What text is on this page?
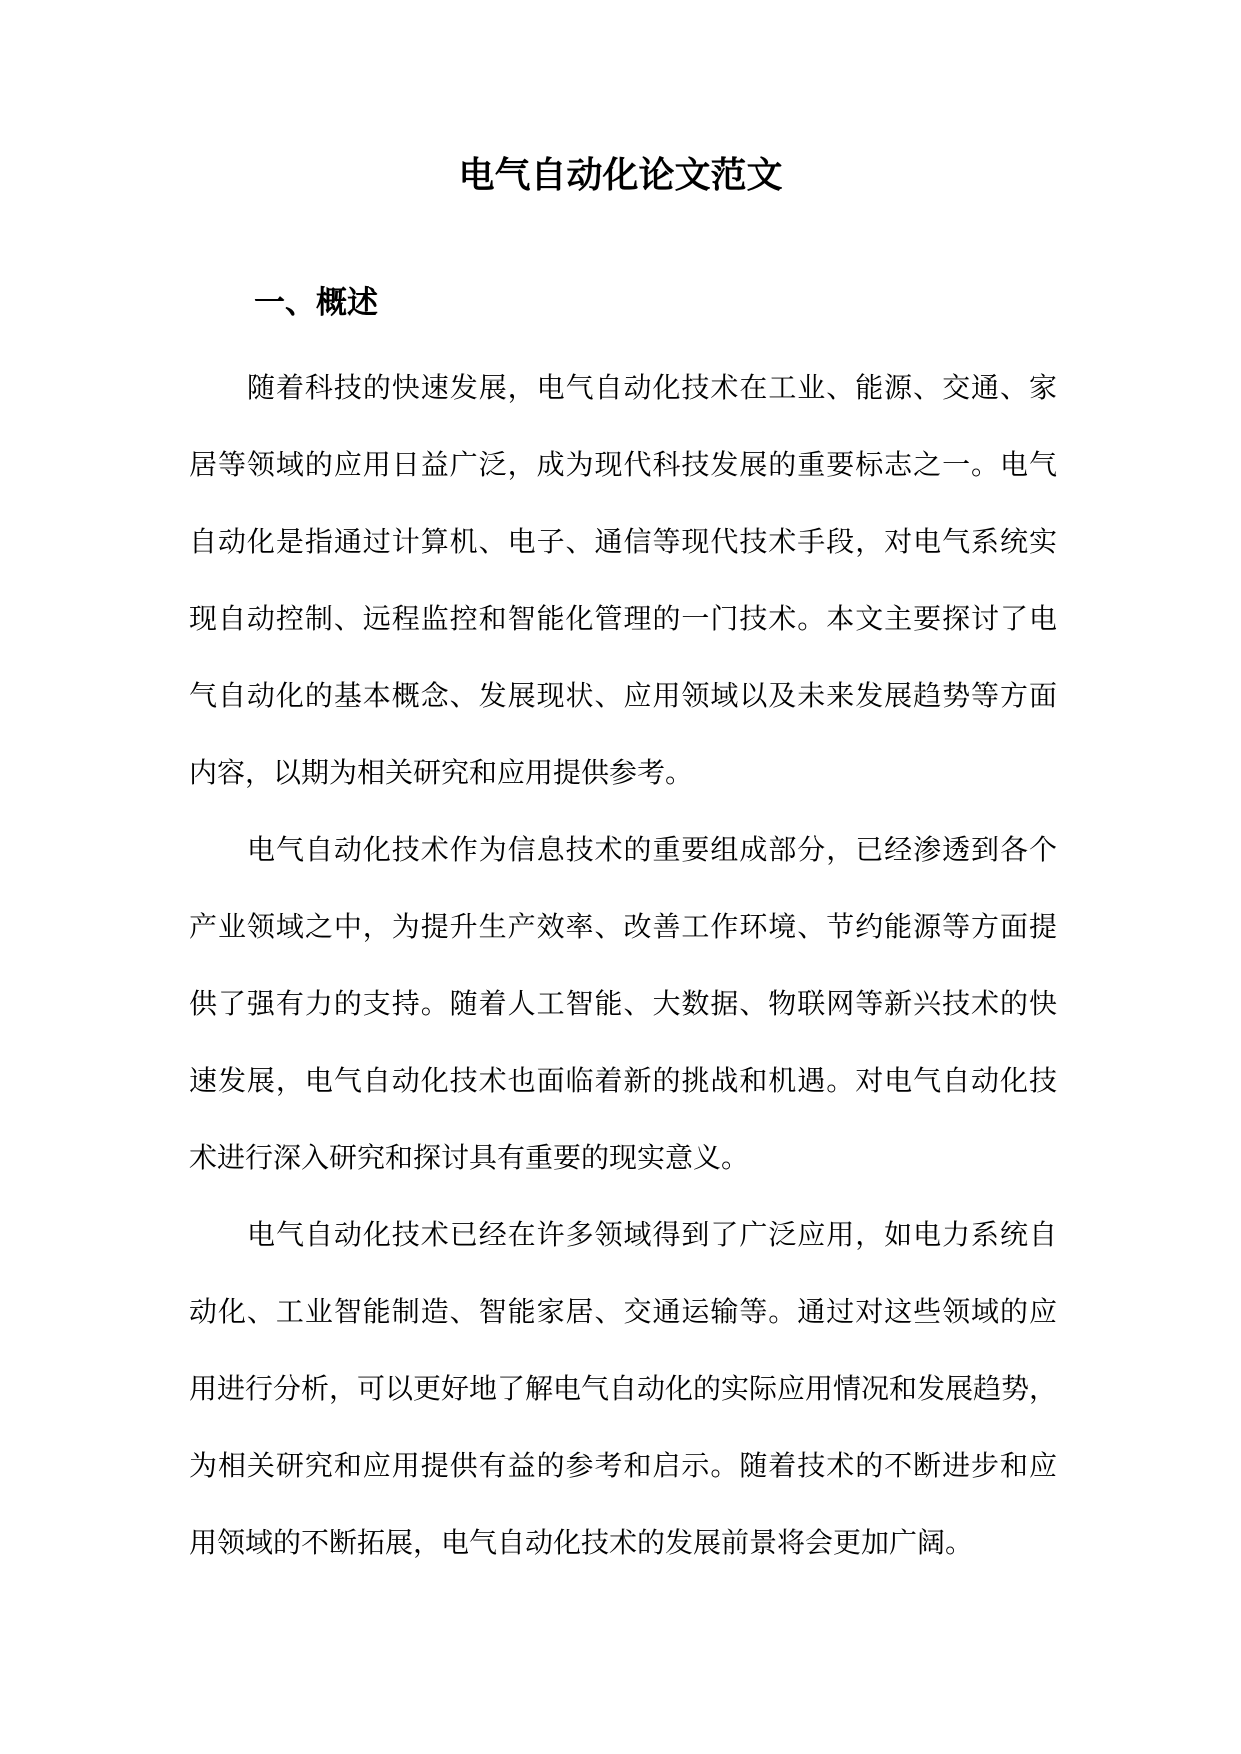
电气自动化论文范文
一、概述
随着科技的快速发展，电气自动化技术在工业、能源、交通、家
居等领域的应用日益广泛，成为现代科技发展的重要标志之一。电气
自动化是指通过计算机、电子、通信等现代技术手段，对电气系统实
现自动控制、远程监控和智能化管理的一门技术。本文主要探讨了电
气自动化的基本概念、发展现状、应用领域以及未来发展趋势等方面
内容，以期为相关研究和应用提供参考。
电气自动化技术作为信息技术的重要组成部分，已经渗透到各个
产业领域之中，为提升生产效率、改善工作环境、节约能源等方面提
供了强有力的支持。随着人工智能、大数据、物联网等新兴技术的快
速发展，电气自动化技术也面临着新的挑战和机遇。对电气自动化技
术进行深入研究和探讨具有重要的现实意义。
电气自动化技术已经在许多领域得到了广泛应用，如电力系统自
动化、工业智能制造、智能家居、交通运输等。通过对这些领域的应
用进行分析，可以更好地了解电气自动化的实际应用情况和发展趋势，
为相关研究和应用提供有益的参考和启示。随着技术的不断进步和应
用领域的不断拓展，电气自动化技术的发展前景将会更加广阔。
